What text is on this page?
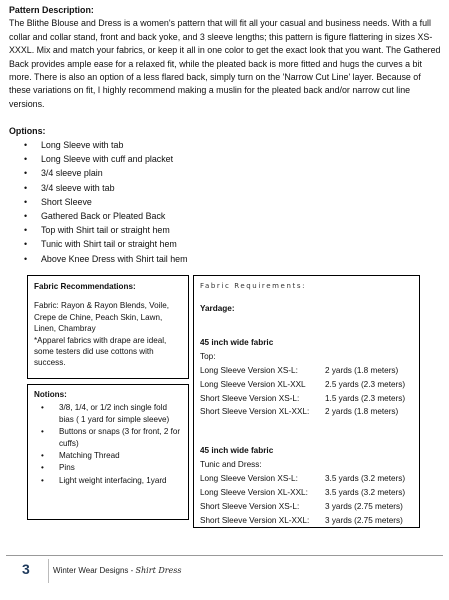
Pattern Description:
The Blithe Blouse and Dress is a women's pattern that will fit all your casual and business needs. With a full collar and collar stand, front and back yoke, and 3 sleeve lengths; this pattern is figure flattering in sizes XS-XXXL. Mix and match your fabrics, or keep it all in one color to get the exact look that you want. The Gathered Back provides ample ease for a relaxed fit, while the pleated back is more fitted and hugs the curves a bit more. There is also an option of a less flared back, simply turn on the 'Narrow Cut Line' layer. Because of these variations on fit, I highly recommend making a muslin for the pleated back and/or narrow cut line versions.
Options:
• Long Sleeve with tab
• Long Sleeve with cuff and placket
• 3/4 sleeve plain
• 3/4 sleeve with tab
• Short Sleeve
• Gathered Back or Pleated Back
• Top with Shirt tail or straight hem
• Tunic with Shirt tail or straight hem
• Above Knee Dress with Shirt tail hem
Fabric Recommendations:
Fabric: Rayon & Rayon Blends, Voile, Crepe de Chine, Peach Skin, Lawn, Linen, Chambray
*Apparel fabrics with drape are ideal, some testers did use cottons with success.
Notions:
• 3/8, 1/4, or 1/2 inch single fold bias ( 1 yard for simple sleeve)
• Buttons or snaps (3 for front, 2 for cuffs)
• Matching Thread
• Pins
• Light weight interfacing, 1yard
Fabric Requirements:
Yardage:
45 inch wide fabric
Top:
Long Sleeve Version XS-L:	2 yards (1.8 meters)
Long Sleeve Version XL-XXL	2.5 yards (2.3 meters)
Short Sleeve Version XS-L:	1.5 yards (2.3 meters)
Short Sleeve Version XL-XXL:	2 yards (1.8 meters)
45 inch wide fabric
Tunic and Dress:
Long Sleeve Version XS-L:	3.5 yards (3.2 meters)
Long Sleeve Version XL-XXL:	3.5 yards (3.2 meters)
Short Sleeve Version XS-L:	3 yards (2.75 meters)
Short Sleeve Version XL-XXL:	3 yards (2.75 meters)
3	Winter Wear Designs - Shirt Dress
